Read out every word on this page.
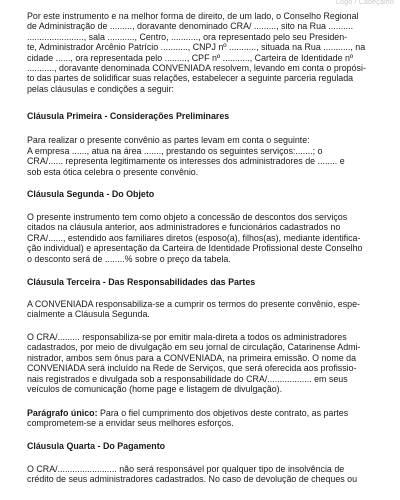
Logo / Cabeçalho
Por este instrumento e na melhor forma de direito, de um lado, o Conselho Regional
de Administração de ........., doravante denominado CRA/ ........., sito na Rua ..........
......................., sala ..........., Centro, ..........., ora representado pelo seu Presiden-
te, Administrador Arcênio Patrício ..........., CNPJ nº ..........., situada na Rua ..........., na
cidade ......, ora representada pelo ........., CPF nº ..........., Carteira de Identidade nº
..........., doravante denominada CONVENIADA resolvem, levando em conta o propósi-
to das partes de solidificar suas relações, estabelecer a seguinte parceria regulada
pelas cláusulas e condições a seguir:
Cláusula Primeira - Considerações Preliminares
Para realizar o presente convênio as partes levam em conta o seguinte:
A empresa ......, atua na área ......., prestando os seguintes serviços:.......; o
CRA/...... representa legitimamente os interesses dos administradores de ........ e
sob esta ótica celebra o presente convênio.
Cláusula Segunda - Do Objeto
O presente instrumento tem como objeto a concessão de descontos dos serviços
citados na cláusula anterior, aos administradores e funcionários cadastrados no
CRA/......, estendido aos familiares diretos (esposo(a), filhos(as), mediante identifica-
ção individual) e apresentação da Carteira de Identidade Profissional deste Conselho
o desconto será de ........% sobre o preço da tabela.
Cláusula Terceira - Das Responsabilidades das Partes
A CONVENIADA responsabiliza-se a cumprir os termos do presente convênio, espe-
cialmente a Cláusula Segunda.
O CRA/......... responsabiliza-se por emitir mala-direta a todos os administradores
cadastrados, por meio de divulgação em seu jornal de circulação, Catarinense Admi-
nistrador, ambos sem ônus para a CONVENIADA, na primeira emissão. O nome da
CONVENIADA será incluído na Rede de Serviços, que será oferecida aos profissio-
nais registrados e divulgada sob a responsabilidade do CRA/.................. em seus
veículos de comunicação (home page e listagem de divulgação).
Parágrafo único: Para o fiel cumprimento dos objetivos deste contrato, as partes
comprometem-se a envidar seus melhores esforços.
Cláusula Quarta - Do Pagamento
O CRA/........................ não será responsável por qualquer tipo de insolvência de
crédito de seus administradores cadastrados. No caso de devolução de cheques ou
